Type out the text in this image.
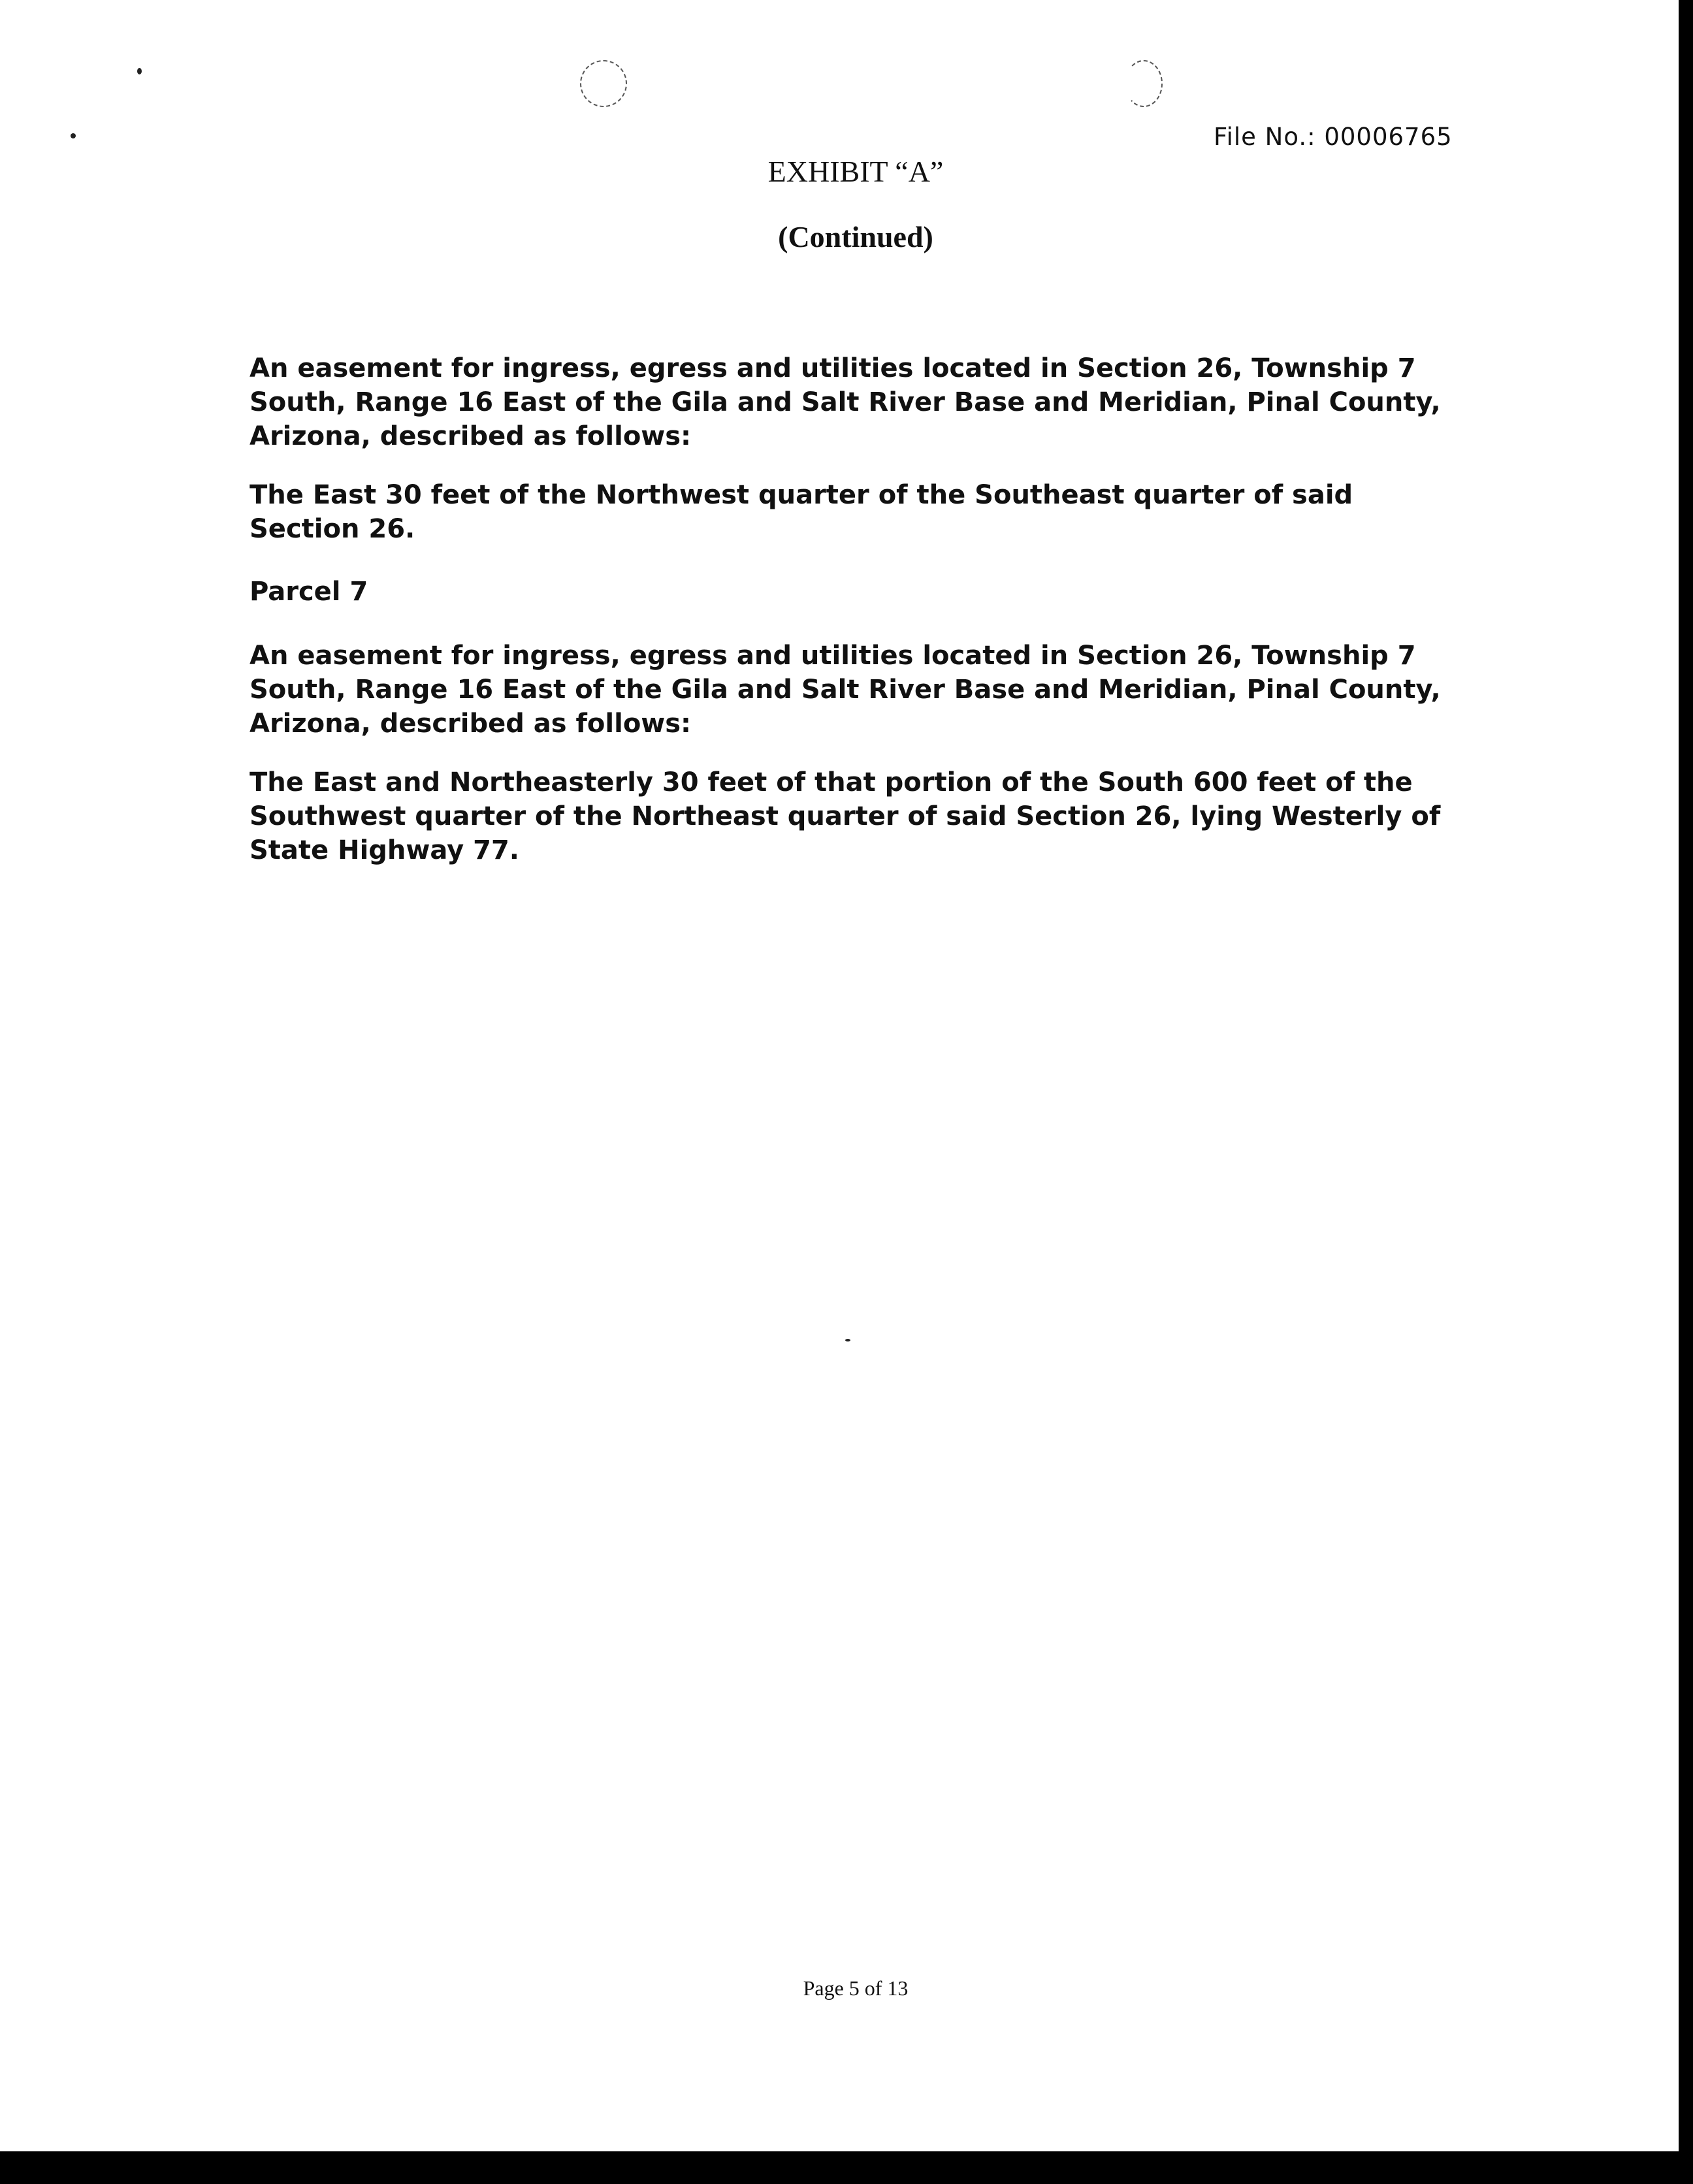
File No.: 00006765
EXHIBIT “A”
(Continued)
An easement for ingress, egress and utilities located in Section 26, Township 7 South, Range 16 East of the Gila and Salt River Base and Meridian, Pinal County, Arizona, described as follows:
The East 30 feet of the Northwest quarter of the Southeast quarter of said Section 26.
Parcel 7
An easement for ingress, egress and utilities located in Section 26, Township 7 South, Range 16 East of the Gila and Salt River Base and Meridian, Pinal County, Arizona, described as follows:
The East and Northeasterly 30 feet of that portion of the South 600 feet of the Southwest quarter of the Northeast quarter of said Section 26, lying Westerly of State Highway 77.
Page 5 of 13
